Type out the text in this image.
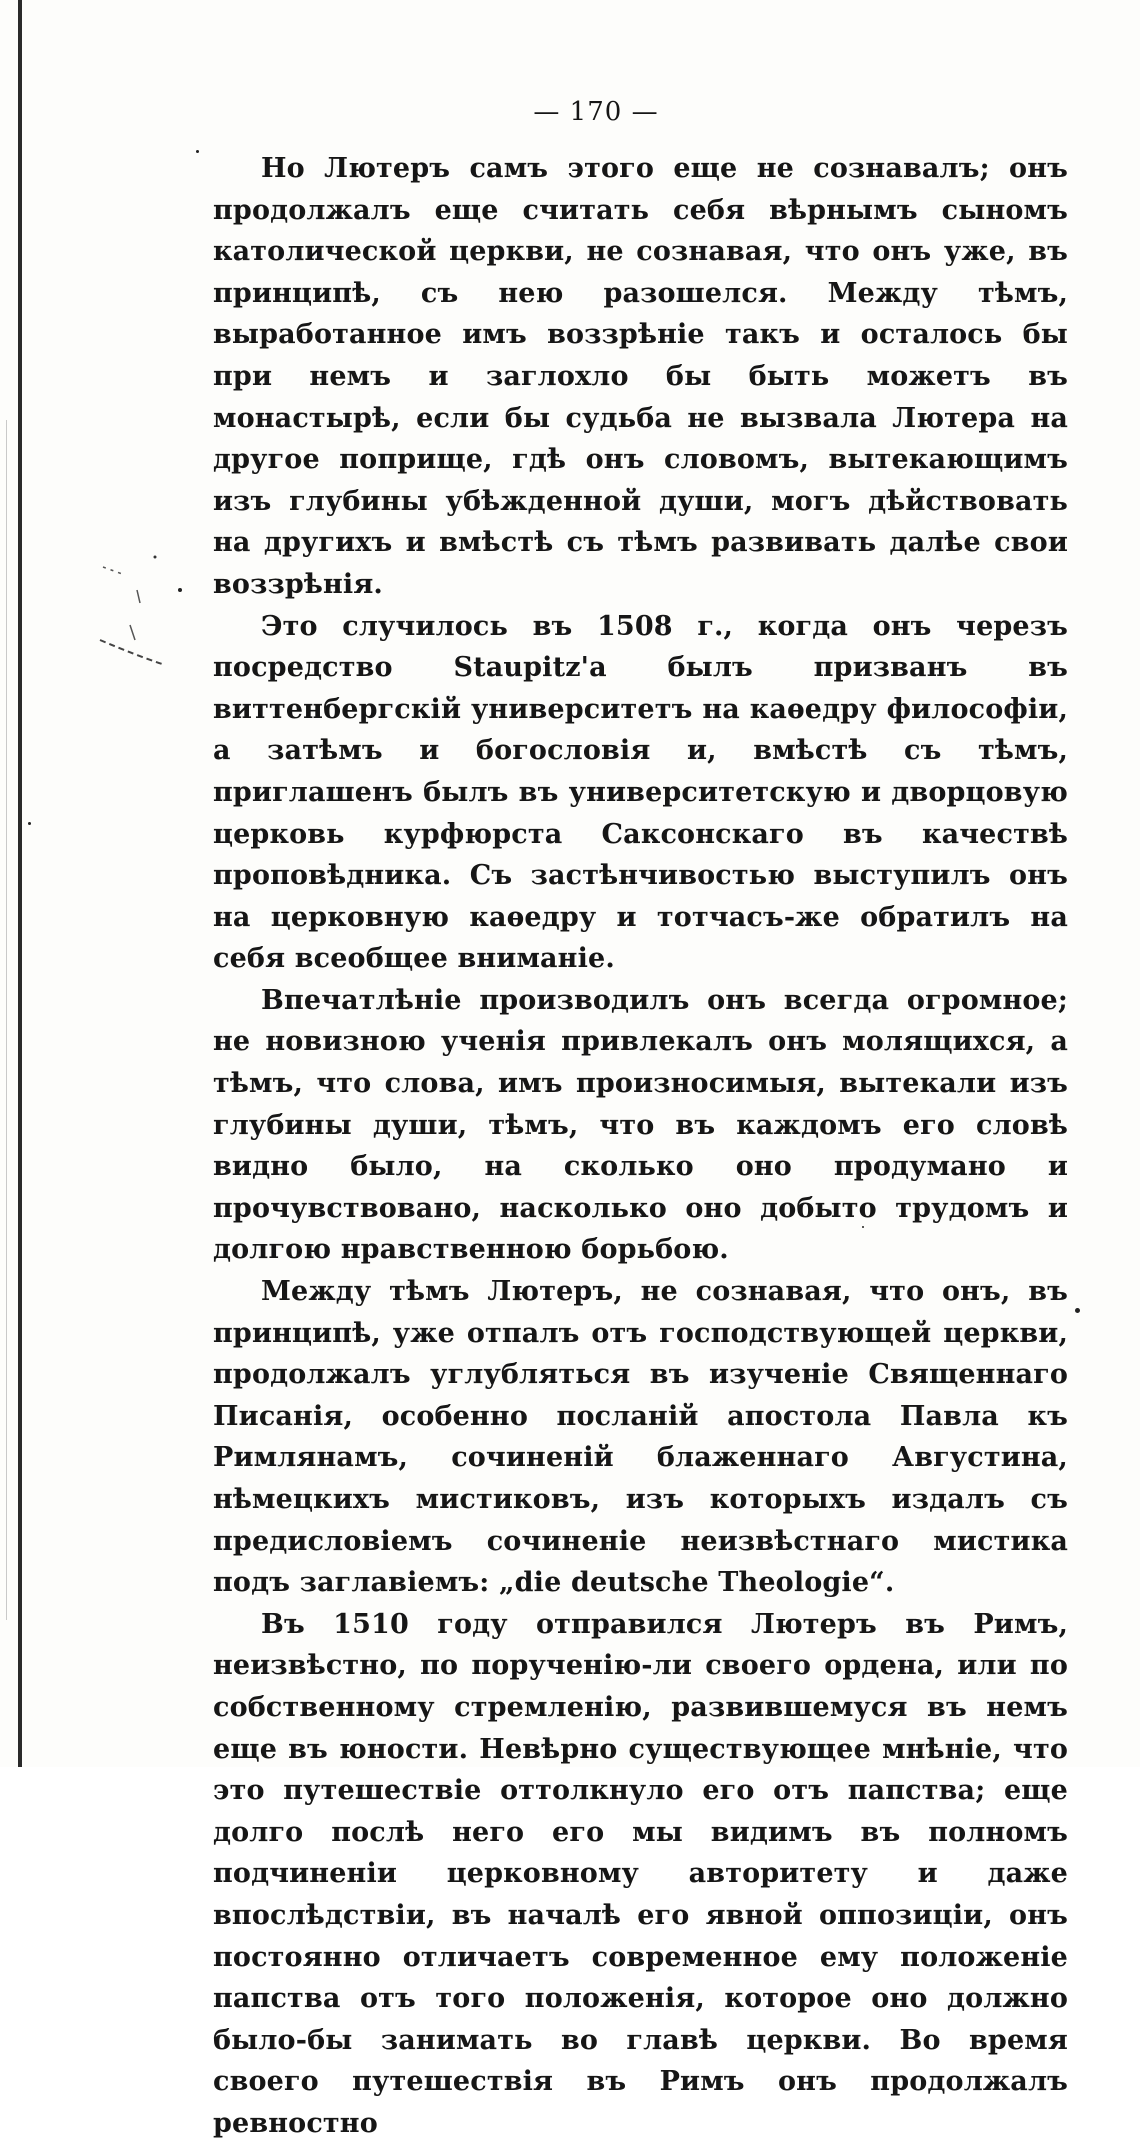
— 170 —

Но Лютеръ самъ этого еще не сознавалъ; онъ продолжалъ еще считать себя вѣрнымъ сыномъ католической церкви, не сознавая, что онъ уже, въ принципѣ, съ нею разошелся. Между тѣмъ, выработанное имъ воззрѣніе такъ и осталось бы при немъ и заглохло бы быть можетъ въ монастырѣ, если бы судьба не вызвала Лютера на другое поприще, гдѣ онъ словомъ, вытекающимъ изъ глубины убѣжденной души, могъ дѣйствовать на другихъ и вмѣстѣ съ тѣмъ развивать далѣе свои воззрѣнія.

Это случилось въ 1508 г., когда онъ черезъ посредство Staupitz'а былъ призванъ въ виттенбергскій университетъ на каѳедру философіи, а затѣмъ и богословія и, вмѣстѣ съ тѣмъ, приглашенъ былъ въ университетскую и дворцовую церковь курфюрста Саксонскаго въ качествѣ проповѣдника. Съ застѣнчивостью выступилъ онъ на церковную каѳедру и тотчасъ-же обратилъ на себя всеобщее вниманіе.

Впечатлѣніе производилъ онъ всегда огромное; не новизною ученія привлекалъ онъ молящихся, а тѣмъ, что слова, имъ произносимыя, вытекали изъ глубины души, тѣмъ, что въ каждомъ его словѣ видно было, на сколько оно продумано и прочувствовано, насколько оно добыто трудомъ и долгою нравственною борьбою.

Между тѣмъ Лютеръ, не сознавая, что онъ, въ принципѣ, уже отпалъ отъ господствующей церкви, продолжалъ углубляться въ изученіе Священнаго Писанія, особенно посланій апостола Павла къ Римлянамъ, сочиненій блаженнаго Августина, нѣмецкихъ мистиковъ, изъ которыхъ издалъ съ предисловіемъ сочиненіе неизвѣстнаго мистика подъ заглавіемъ: „die deutsche Theologie“.

Въ 1510 году отправился Лютеръ въ Римъ, неизвѣстно, по порученію-ли своего ордена, или по собственному стремленію, развившемуся въ немъ еще въ юности. Невѣрно существующее мнѣніе, что это путешествіе оттолкнуло его отъ папства; еще долго послѣ него его мы видимъ въ полномъ подчиненіи церковному авторитету и даже впослѣдствіи, въ началѣ его явной оппозиціи, онъ постоянно отличаетъ современное ему положеніе папства отъ того положенія, которое оно должно было-бы занимать во главѣ церкви. Во время своего путешествія въ Римъ онъ продолжалъ ревностно
